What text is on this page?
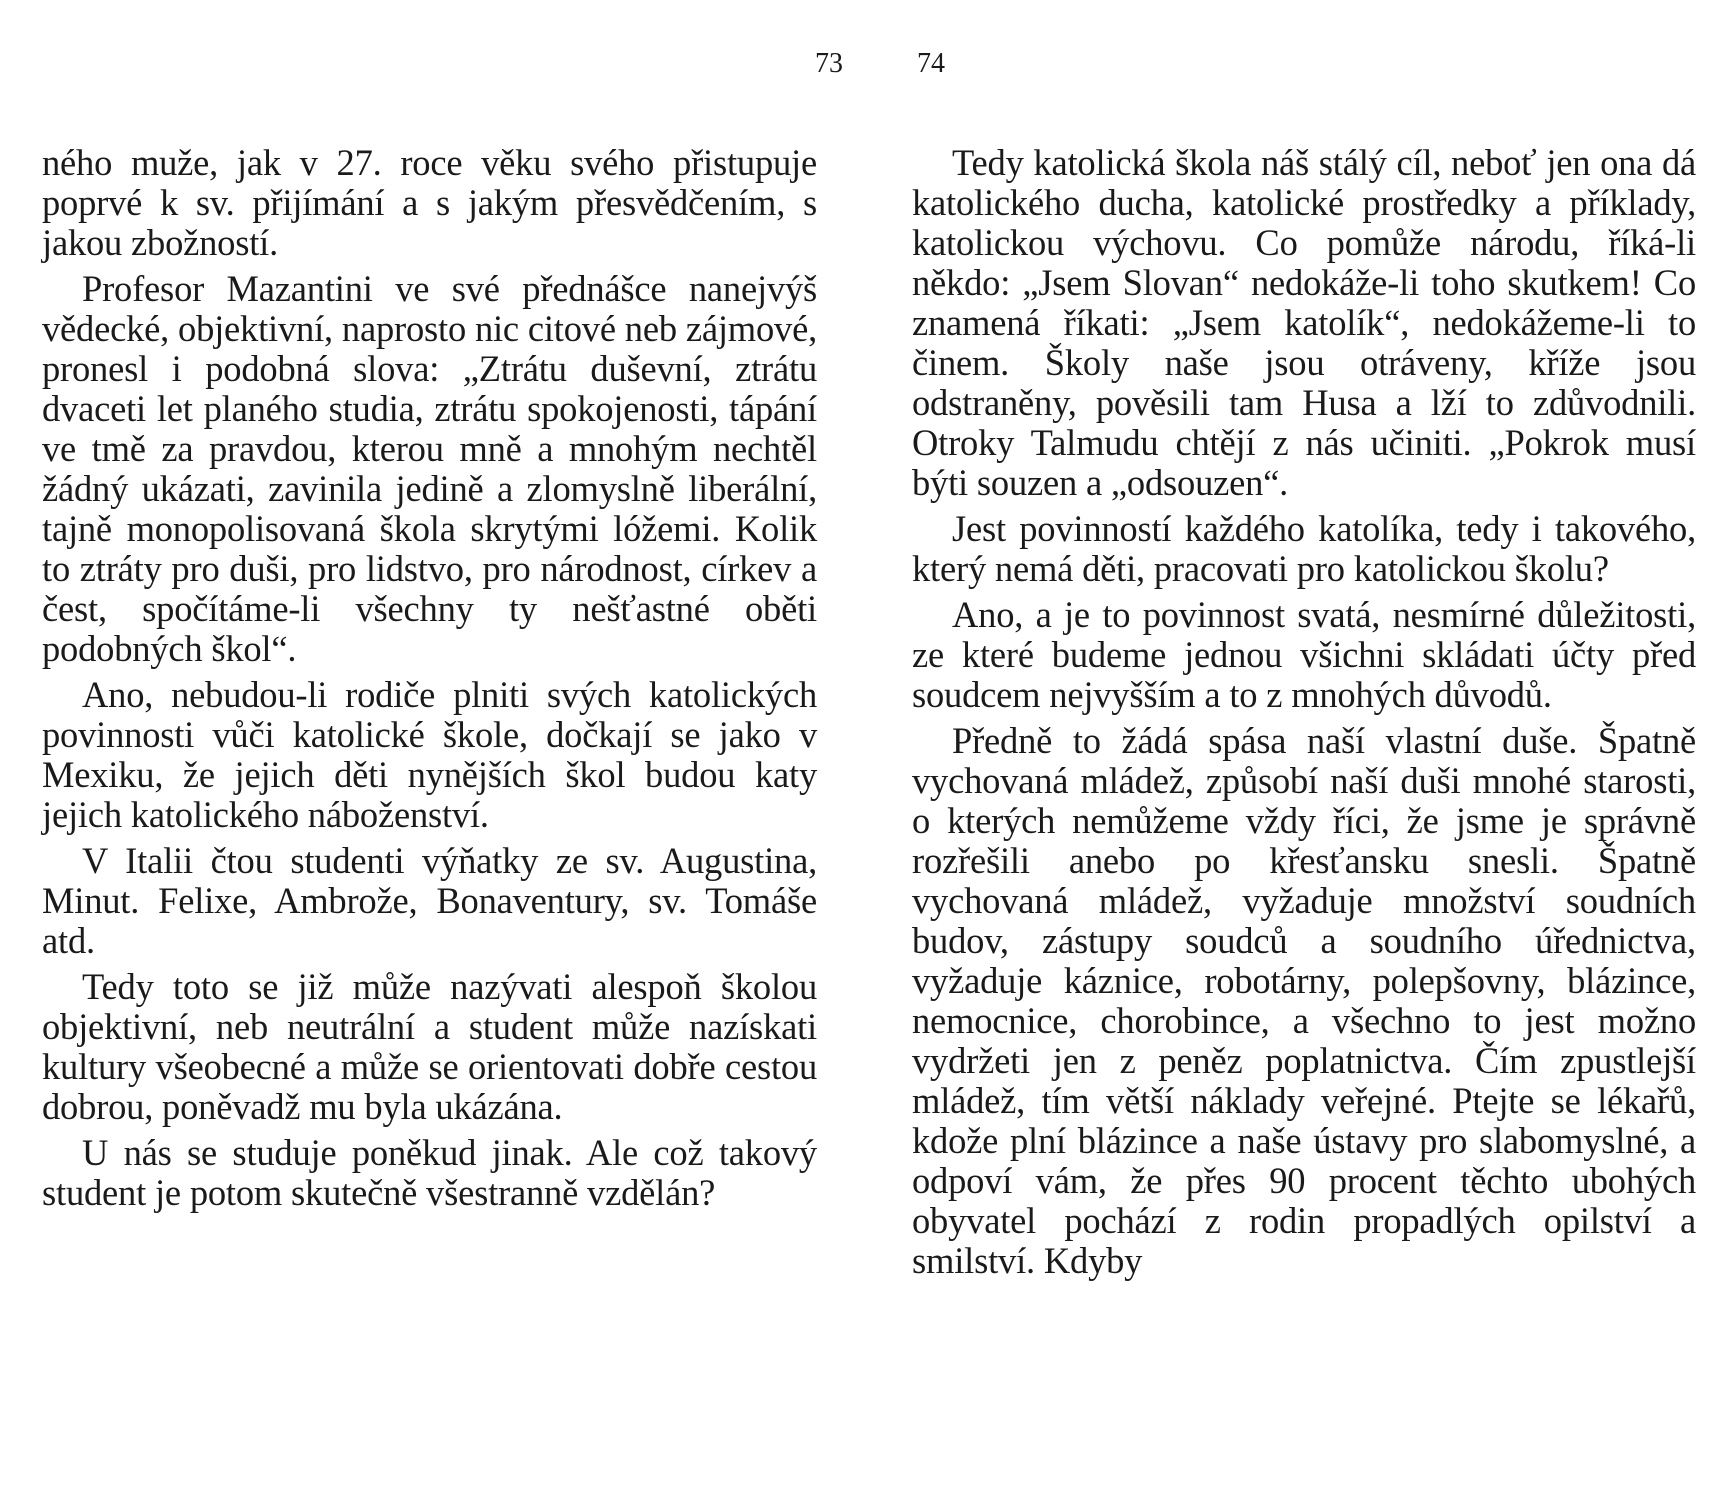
73	74

ného muže, jak v 27. roce věku svého přistupuje poprvé k sv. přijímání a s jakým přesvědčením, s jakou zbožností.

Profesor Mazantini ve své přednášce nanejvýš vědecké, objektivní, naprosto nic citové neb zájmové, pronesl i podobná slova: „Ztrátu duševní, ztrátu dvaceti let planého studia, ztrátu spokojenosti, tápání ve tmě za pravdou, kterou mně a mnohým nechtěl žádný ukázati, zavinila jedině a zlomyslně liberální, tajně monopolisovaná škola skrytými lóžemi. Kolik to ztráty pro duši, pro lidstvo, pro národnost, církev a čest, spočítáme-li všechny ty nešťastné oběti podobných škol“.

Ano, nebudou-li rodiče plniti svých katolických povinnosti vůči katolické škole, dočkají se jako v Mexiku, že jejich děti nynějších škol budou katy jejich katolického náboženství.

V Italii čtou studenti výňatky ze sv. Augustina, Minut. Felixe, Ambrože, Bonaventury, sv. Tomáše atd.

Tedy toto se již může nazývati alespoň školou objektivní, neb neutrální a student může nazískati kultury všeobecné a může se orientovati dobře cestou dobrou, poněvadž mu byla ukázána.

U nás se studuje poněkud jinak. Ale což takový student je potom skutečně všestranně vzdělán?

Tedy katolická škola náš stálý cíl, neboť jen ona dá katolického ducha, katolické prostředky a příklady, katolickou výchovu. Co pomůže národu, říká-li někdo: „Jsem Slovan“ nedokáže-li toho skutkem! Co znamená říkati: „Jsem katolík“, nedokážeme-li to činem. Školy naše jsou otráveny, kříže jsou odstraněny, pověsili tam Husa a lží to zdůvodnili. Otroky Talmudu chtějí z nás učiniti. „Pokrok musí býti souzen a „odsouzen“.

Jest povinností každého katolíka, tedy i takového, který nemá děti, pracovati pro katolickou školu?

Ano, a je to povinnost svatá, nesmírné důležitosti, ze které budeme jednou všichni skládati účty před soudcem nejvyšším a to z mnohých důvodů.

Předně to žádá spása naší vlastní duše. Špatně vychovaná mládež, způsobí naší duši mnohé starosti, o kterých nemůžeme vždy říci, že jsme je správně rozřešili anebo po křesťansku snesli. Špatně vychovaná mládež, vyžaduje množství soudních budov, zástupy soudců a soudního úřednictva, vyžaduje káznice, robotárny, polepšovny, blázince, nemocnice, chorobince, a všechno to jest možno vydržeti jen z peněz poplatnictva. Čím zpustlejší mládež, tím větší náklady veřejné. Ptejte se lékařů, kdože plní blázince a naše ústavy pro slabomyslné, a odpoví vám, že přes 90 procent těchto ubohých obyvatel pochází z rodin propadlých opilství a smilství. Kdyby
